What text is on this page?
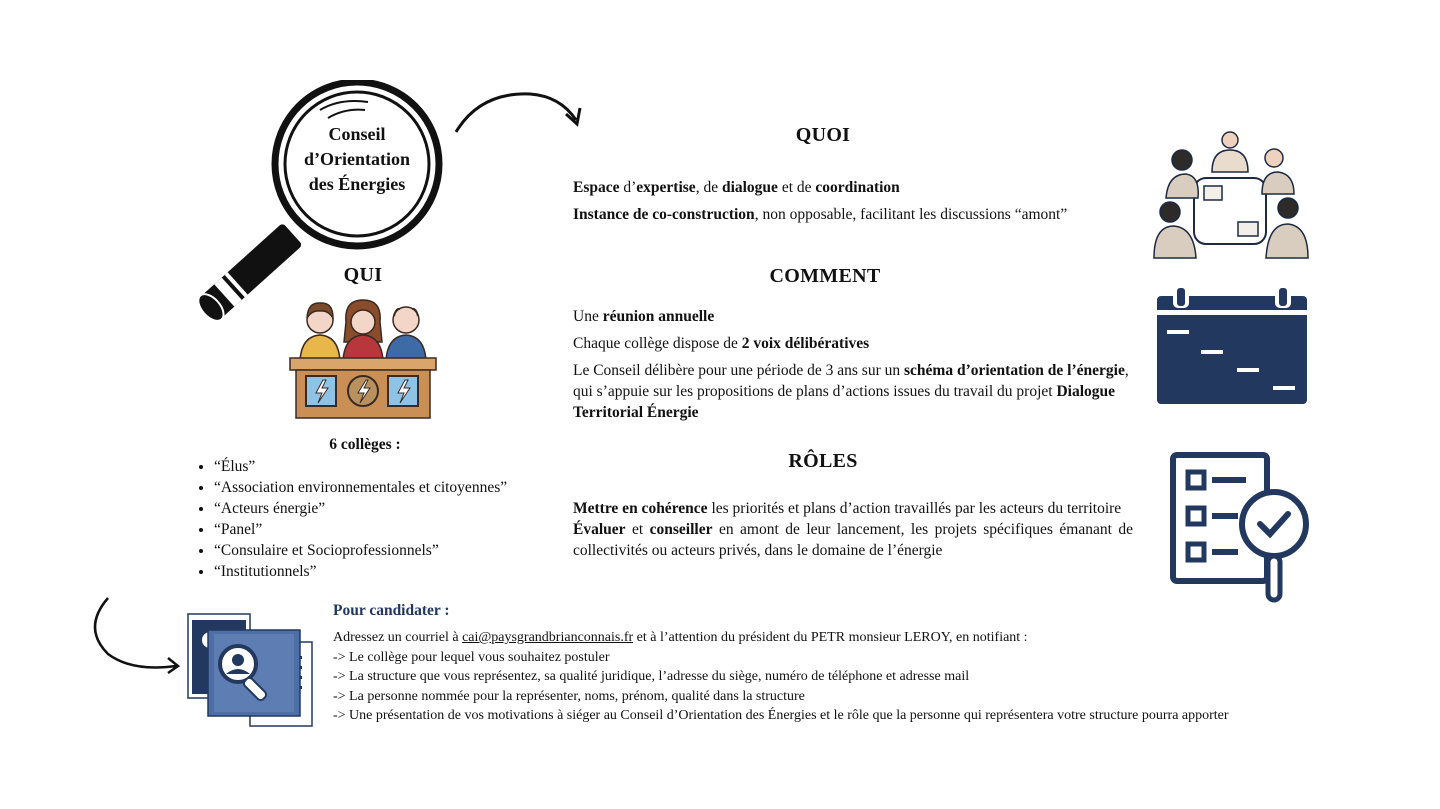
Conseil
d’Orientation
des Énergies
QUI
6 collèges :
• “Élus”
• “Association environnementales et citoyennes”
• “Acteurs énergie”
• “Panel”
• “Consulaire et Socioprofessionnels”
• “Institutionnels”
QUOI

Espace d’expertise, de dialogue et de coordination

Instance de co-construction, non opposable, facilitant les discussions “amont”

COMMENT

Une réunion annuelle

Chaque collège dispose de 2 voix délibératives

Le Conseil délibère pour une période de 3 ans sur un schéma d’orientation de l’énergie, qui s’appuie sur les propositions de plans d’actions issues du travail du projet Dialogue Territorial Énergie

RÔLES

Mettre en cohérence les priorités et plans d’action travaillés par les acteurs du territoire

Évaluer et conseiller en amont de leur lancement, les projets spécifiques émanant de collectivités ou acteurs privés, dans le domaine de l’énergie

Pour candidater :

Adressez un courriel à cai@paysgrandbrianconnais.fr et à l’attention du président du PETR monsieur LEROY, en notifiant :

-> Le collège pour lequel vous souhaitez postuler

-> La structure que vous représentez, sa qualité juridique, l’adresse du siège, numéro de téléphone et adresse mail

-> La personne nommée pour la représenter, noms, prénom, qualité dans la structure

-> Une présentation de vos motivations à siéger au Conseil d’Orientation des Énergies et le rôle que la personne qui représentera votre structure pourra apporter
